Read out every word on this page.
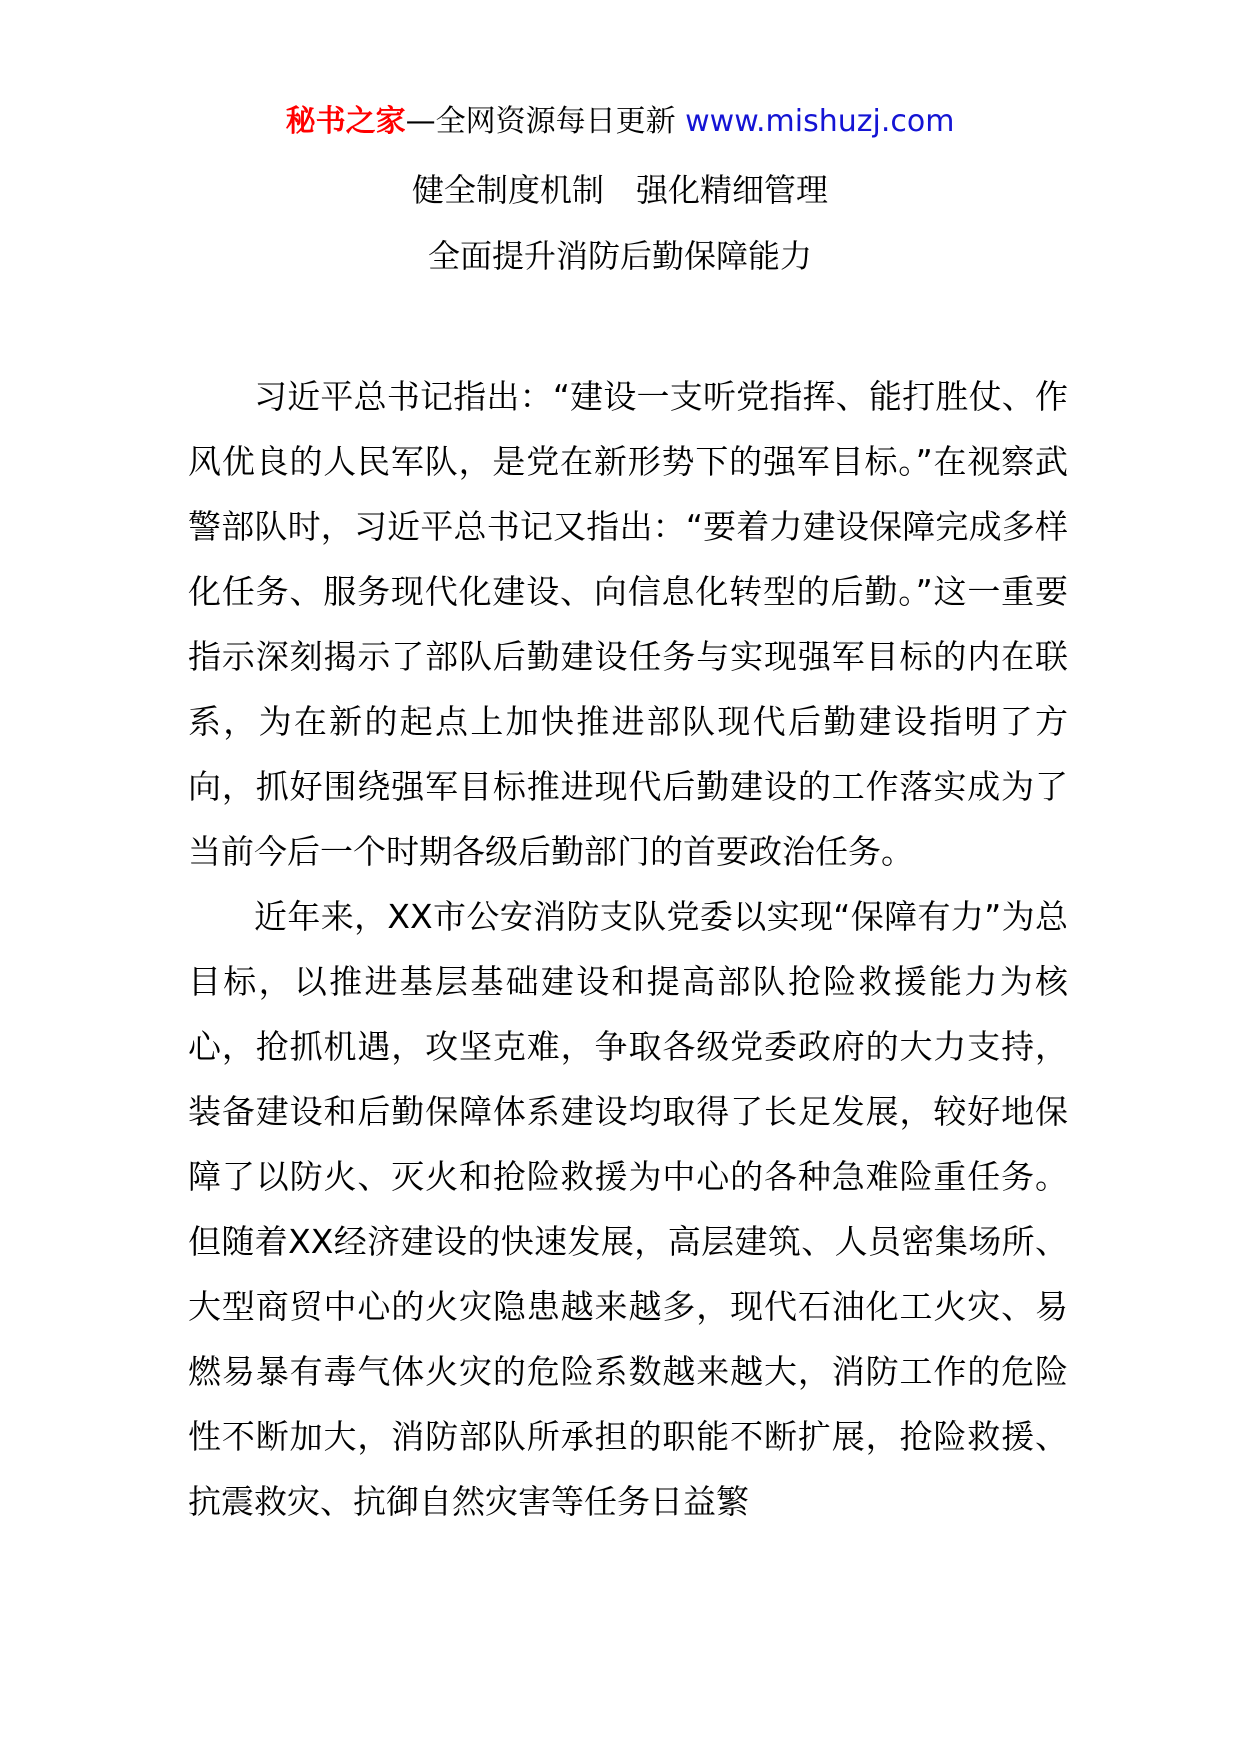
秘书之家—全网资源每日更新 www.mishuzj.com
健全制度机制　强化精细管理
全面提升消防后勤保障能力

习近平总书记指出：“建设一支听党指挥、能打胜仗、作风优良的人民军队，是党在新形势下的强军目标。”在视察武警部队时，习近平总书记又指出：“要着力建设保障完成多样化任务、服务现代化建设、向信息化转型的后勤。”这一重要指示深刻揭示了部队后勤建设任务与实现强军目标的内在联系，为在新的起点上加快推进部队现代后勤建设指明了方向，抓好围绕强军目标推进现代后勤建设的工作落实成为了当前今后一个时期各级后勤部门的首要政治任务。

近年来，XX市公安消防支队党委以实现“保障有力”为总目标，以推进基层基础建设和提高部队抢险救援能力为核心，抢抓机遇，攻坚克难，争取各级党委政府的大力支持，装备建设和后勤保障体系建设均取得了长足发展，较好地保障了以防火、灭火和抢险救援为中心的各种急难险重任务。但随着XX经济建设的快速发展，高层建筑、人员密集场所、大型商贸中心的火灾隐患越来越多，现代石油化工火灾、易燃易暴有毒气体火灾的危险系数越来越大，消防工作的危险性不断加大，消防部队所承担的职能不断扩展，抢险救援、抗震救灾、抗御自然灾害等任务日益繁
